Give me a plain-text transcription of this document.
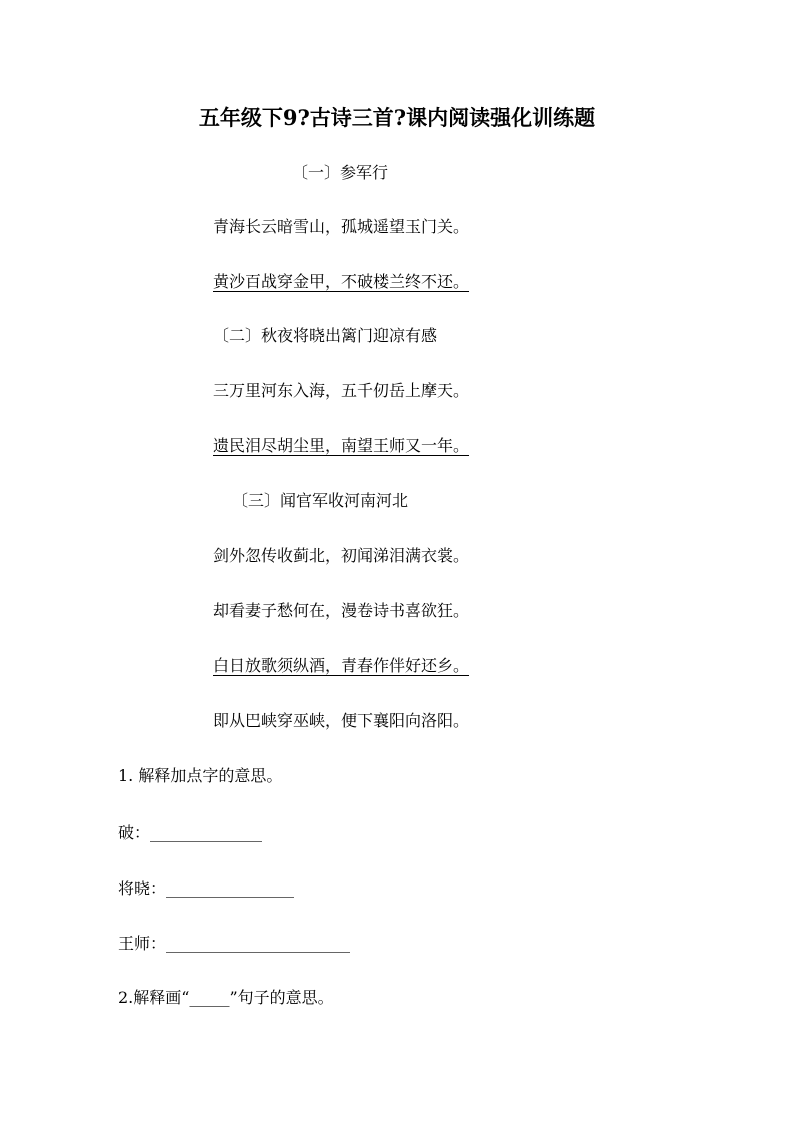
五年级下9?古诗三首?课内阅读强化训练题
〔一〕参军行
青海长云暗雪山，孤城遥望玉门关。
黄沙百战穿金甲，不破楼兰终不还。
〔二〕秋夜将晓出篱门迎凉有感
三万里河东入海，五千仞岳上摩天。
遗民泪尽胡尘里，南望王师又一年。
〔三〕闻官军收河南河北
剑外忽传收蓟北，初闻涕泪满衣裳。
却看妻子愁何在，漫卷诗书喜欲狂。
白日放歌须纵酒，青春作伴好还乡。
即从巴峡穿巫峡，便下襄阳向洛阳。
1. 解释加点字的意思。
破：______________
将晓：________________
王师：_______________________
2.解释画“_____”句子的意思。
